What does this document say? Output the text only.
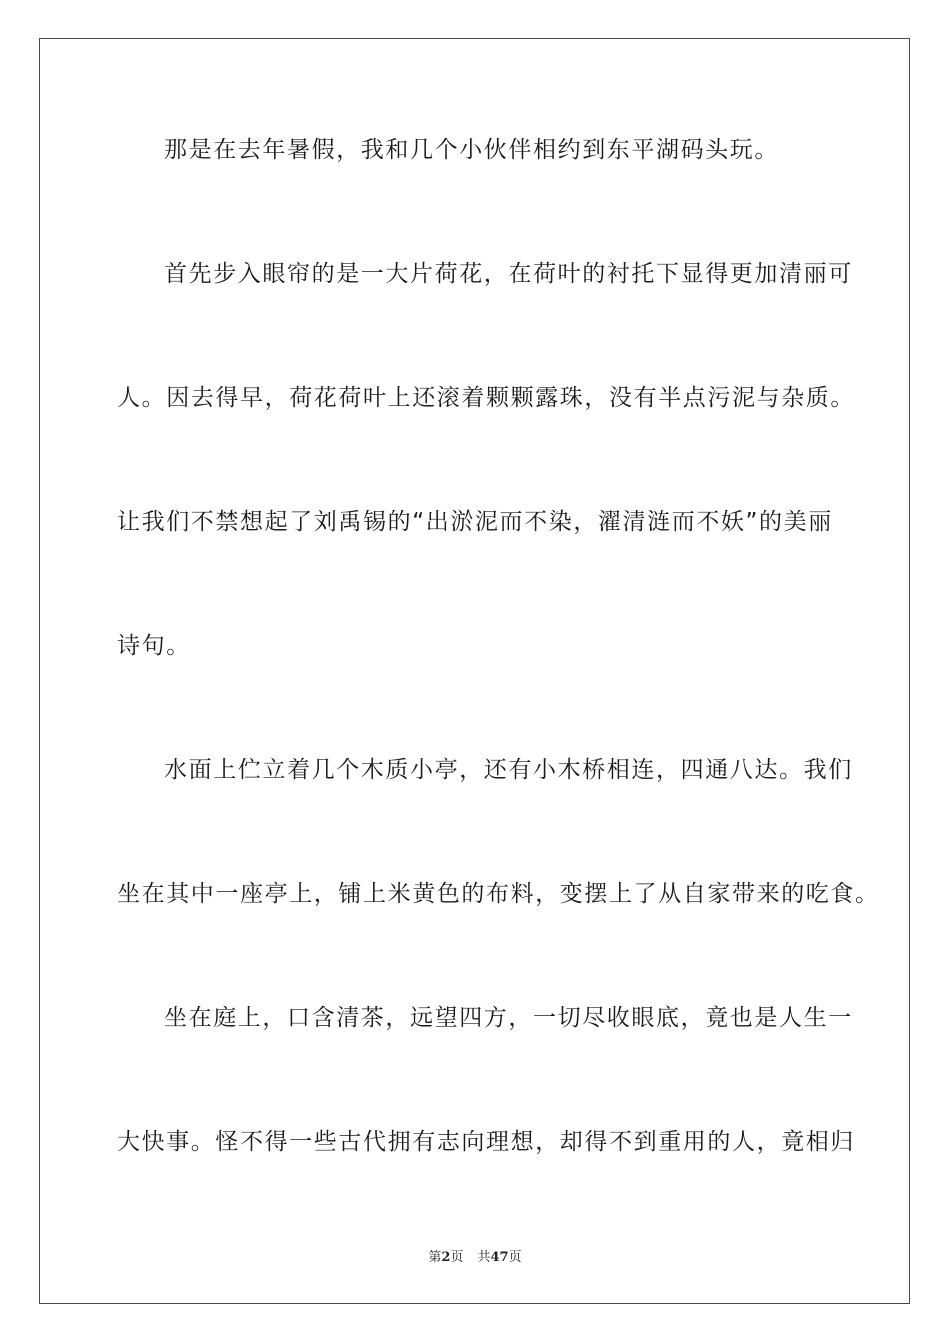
那是在去年暑假，我和几个小伙伴相约到东平湖码头玩。

首先步入眼帘的是一大片荷花，在荷叶的衬托下显得更加清丽可

人。因去得早，荷花荷叶上还滚着颗颗露珠，没有半点污泥与杂质。

让我们不禁想起了刘禹锡的“出淤泥而不染，濯清涟而不妖”的美丽

诗句。

水面上伫立着几个木质小亭，还有小木桥相连，四通八达。我们

坐在其中一座亭上，铺上米黄色的布料，变摆上了从自家带来的吃食。

坐在庭上，口含清茶，远望四方，一切尽收眼底，竟也是人生一

大快事。怪不得一些古代拥有志向理想，却得不到重用的人，竟相归

第2页 共47页
